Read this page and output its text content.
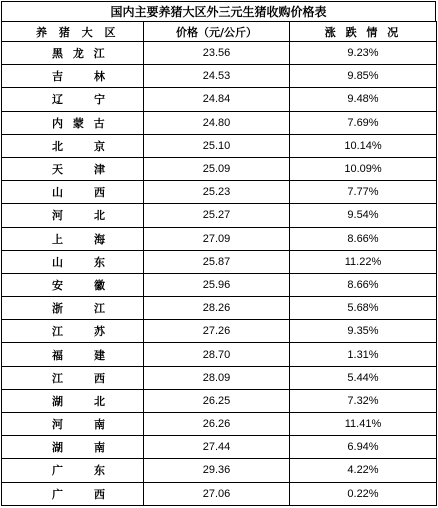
国内主要养猪大区外三元生猪收购价格表
养 猪 大 区	价格（元/公斤）	涨 跌 情 况
黑 龙 江	23.56	9.23%
吉　　林	24.53	9.85%
辽　　宁	24.84	9.48%
内 蒙 古	24.80	7.69%
北　　京	25.10	10.14%
天　　津	25.09	10.09%
山　　西	25.23	7.77%
河　　北	25.27	9.54%
上　　海	27.09	8.66%
山　　东	25.87	11.22%
安　　徽	25.96	8.66%
浙　　江	28.26	5.68%
江　　苏	27.26	9.35%
福　　建	28.70	1.31%
江　　西	28.09	5.44%
湖　　北	26.25	7.32%
河　　南	26.26	11.41%
湖　　南	27.44	6.94%
广　　东	29.36	4.22%
广　　西	27.06	0.22%
